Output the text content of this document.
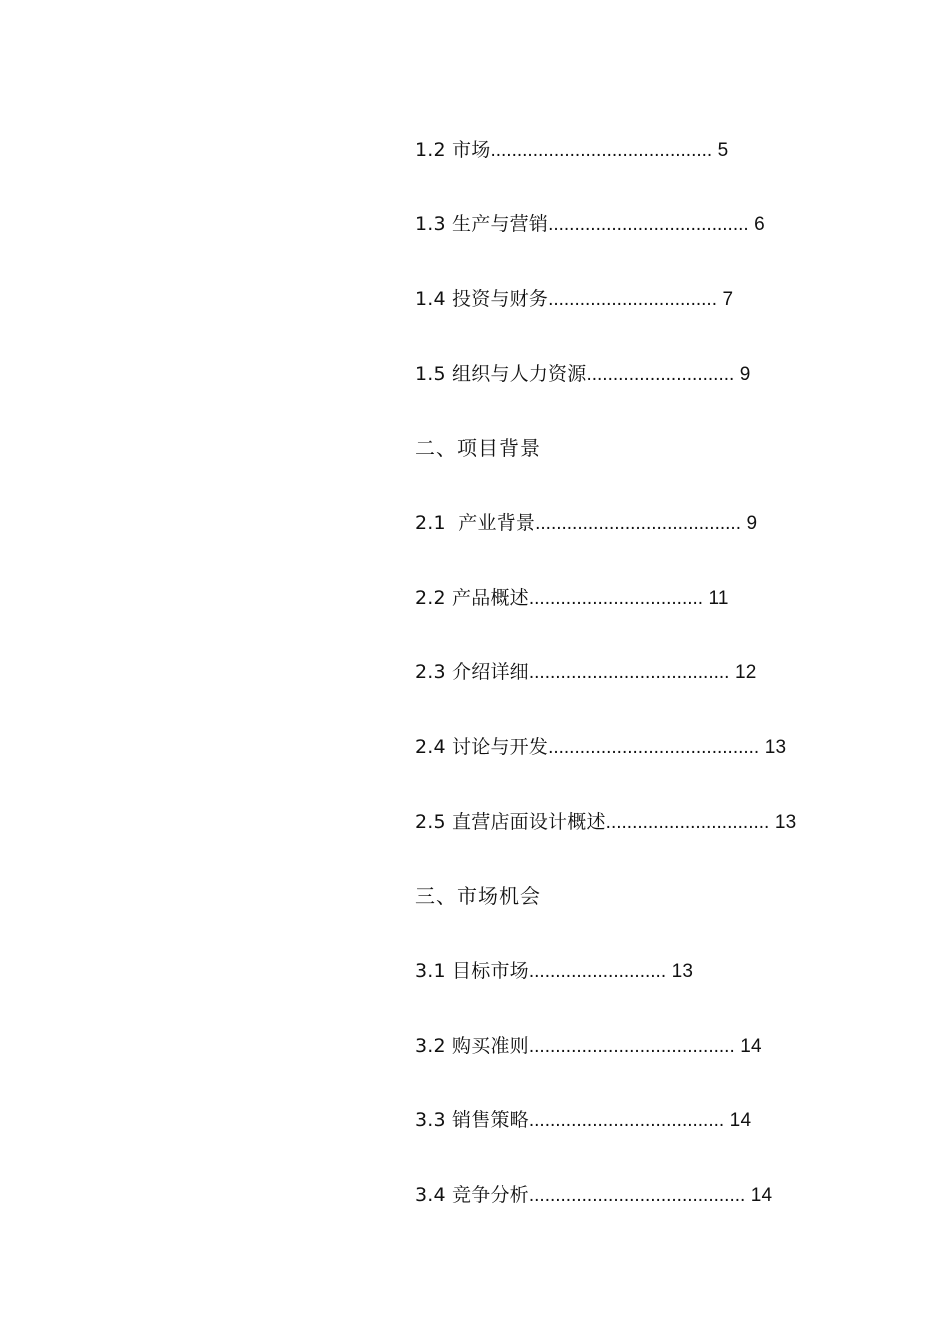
1.2 市场.......................................... 5
1.3 生产与营销...................................... 6
1.4 投资与财务................................ 7
1.5 组织与人力资源............................ 9
二、项目背景
2.1  产业背景....................................... 9
2.2 产品概述................................. 11
2.3 介绍详细...................................... 12
2.4 讨论与开发........................................ 13
2.5 直营店面设计概述............................... 13
三、市场机会
3.1 目标市场.......................... 13
3.2 购买准则....................................... 14
3.3 销售策略..................................... 14
3.4 竞争分析......................................... 14
